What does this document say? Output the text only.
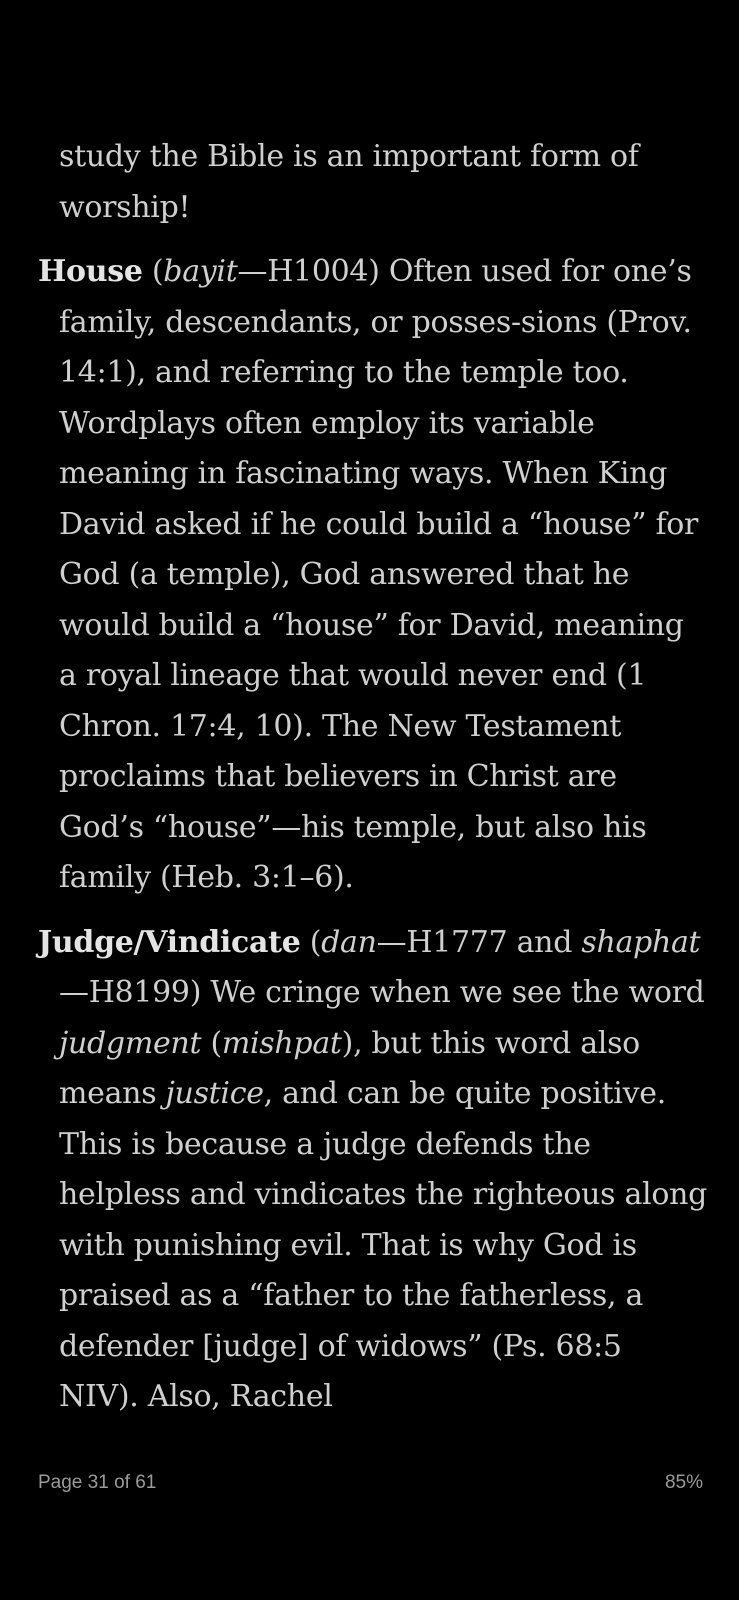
study the Bible is an important form of worship!

House (bayit—H1004) Often used for one’s family, descendants, or posses-sions (Prov. 14:1), and referring to the temple too. Wordplays often employ its variable meaning in fascinating ways. When King David asked if he could build a “house” for God (a temple), God answered that he would build a “house” for David, meaning a royal lineage that would never end (1 Chron. 17:4, 10). The New Testament proclaims that believers in Christ are God’s “house”—his temple, but also his family (Heb. 3:1–6).

Judge/Vindicate (dan—H1777 and shaphat—H8199) We cringe when we see the word judgment (mishpat), but this word also means justice, and can be quite positive. This is because a judge defends the helpless and vindicates the righteous along with punishing evil. That is why God is praised as a “father to the fatherless, a defender [judge] of widows” (Ps. 68:5 NIV). Also, Rachel

Page 31 of 61	85%
